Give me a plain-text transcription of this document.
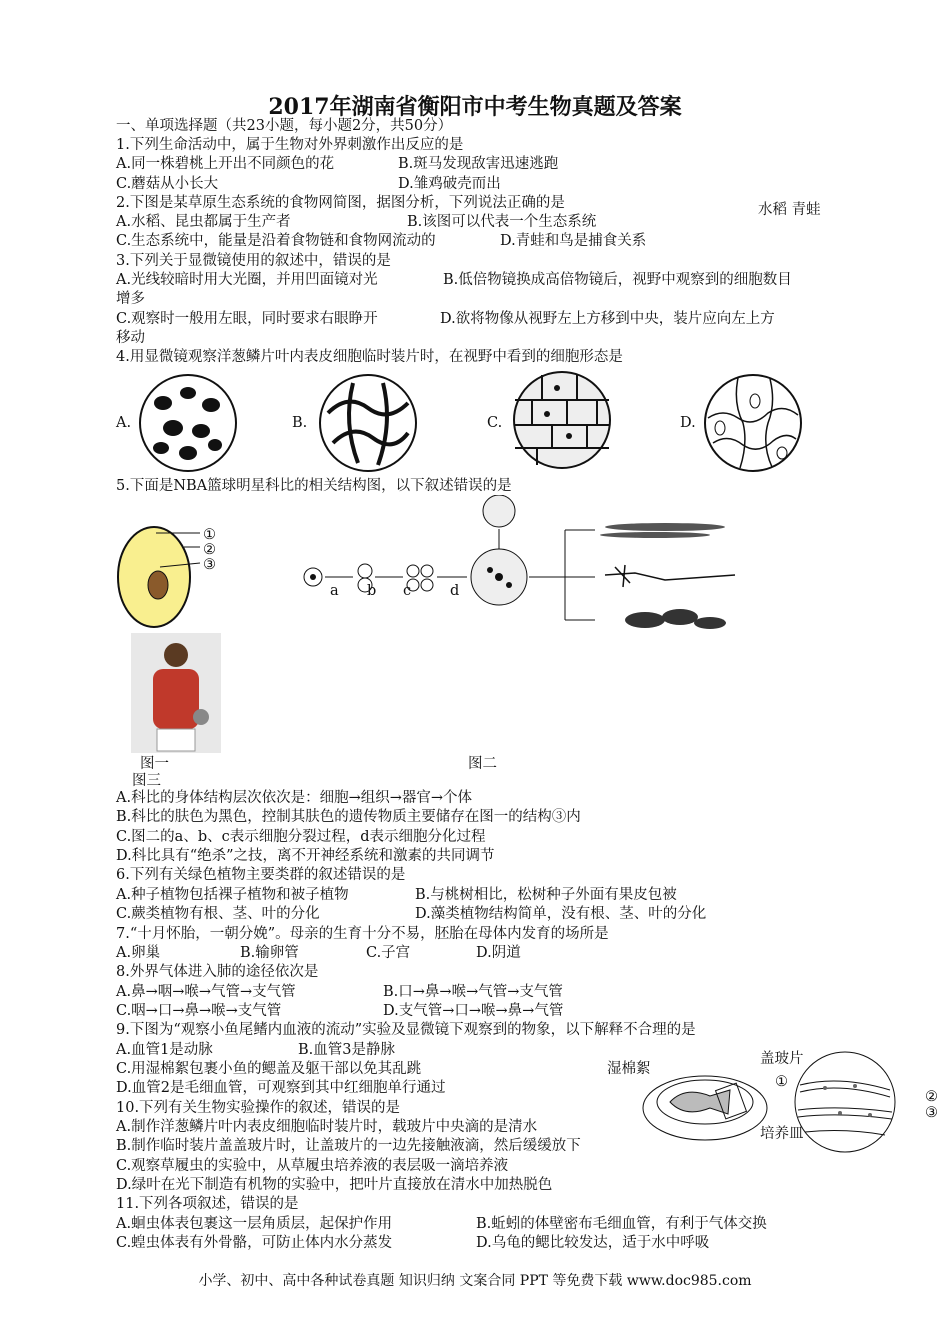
2017年湖南省衡阳市中考生物真题及答案
一、单项选择题（共23小题，每小题2分，共50分）
1.下列生命活动中，属于生物对外界刺激作出反应的是
A.同一株碧桃上开出不同颜色的花	B.斑马发现敌害迅速逃跑
C.蘑菇从小长大	D.雏鸡破壳而出
2.下图是某草原生态系统的食物网简图，据图分析，下列说法正确的是
A.水稻、昆虫都属于生产者	B.该图可以代表一个生态系统
C.生态系统中，能量是沿着食物链和食物网流动的	D.青蛙和鸟是捕食关系
3.下列关于显微镜使用的叙述中，错误的是
A.光线较暗时用大光圈，并用凹面镜对光	B.低倍物镜换成高倍物镜后，视野中观察到的细胞数目
增多
C.观察时一般用左眼，同时要求右眼睁开	D.欲将物像从视野左上方移到中央，装片应向左上方
移动
4.用显微镜观察洋葱鳞片叶内表皮细胞临时装片时，在视野中看到的细胞形态是
5.下面是NBA篮球明星科比的相关结构图，以下叙述错误的是
A.科比的身体结构层次依次是：细胞→组织→器官→个体
B.科比的肤色为黑色，控制其肤色的遗传物质主要储存在图一的结构③内
C.图二的a、b、c表示细胞分裂过程，d表示细胞分化过程
D.科比具有“绝杀”之技，离不开神经系统和激素的共同调节
6.下列有关绿色植物主要类群的叙述错误的是
A.种子植物包括裸子植物和被子植物	B.与桃树相比，松树种子外面有果皮包被
C.蕨类植物有根、茎、叶的分化	D.藻类植物结构简单，没有根、茎、叶的分化
7.“十月怀胎，一朝分娩”。母亲的生育十分不易，胚胎在母体内发育的场所是
A.卵巢	B.输卵管	C.子宫	D.阴道
8.外界气体进入肺的途径依次是
A.鼻→咽→喉→气管→支气管	B.口→鼻→喉→气管→支气管
C.咽→口→鼻→喉→支气管	D.支气管→口→喉→鼻→气管
9.下图为“观察小鱼尾鳍内血液的流动”实验及显微镜下观察到的物象，以下解释不合理的是
A.血管1是动脉	B.血管3是静脉
C.用湿棉絮包裹小鱼的鳃盖及躯干部以免其乱跳
D.血管2是毛细血管，可观察到其中红细胞单行通过
10.下列有关生物实验操作的叙述，错误的是
A.制作洋葱鳞片叶内表皮细胞临时装片时，载玻片中央滴的是清水
B.制作临时装片盖盖玻片时，让盖玻片的一边先接触液滴，然后缓缓放下
C.观察草履虫的实验中，从草履虫培养液的表层吸一滴培养液
D.绿叶在光下制造有机物的实验中，把叶片直接放在清水中加热脱色
11.下列各项叙述，错误的是
A.蛔虫体表包裹这一层角质层，起保护作用	B.蚯蚓的体壁密布毛细血管，有利于气体交换
C.蝗虫体表有外骨骼，可防止体内水分蒸发	D.乌龟的鳃比较发达，适于水中呼吸
水稻 青蛙
A.	B.	C.	D.
①
②
③
a b c	d
图一	图二
图三
湿棉絮
盖玻片
培养皿
①
②
③
小学、初中、高中各种试卷真题 知识归纳 文案合同 PPT 等免费下载 www.doc985.com
